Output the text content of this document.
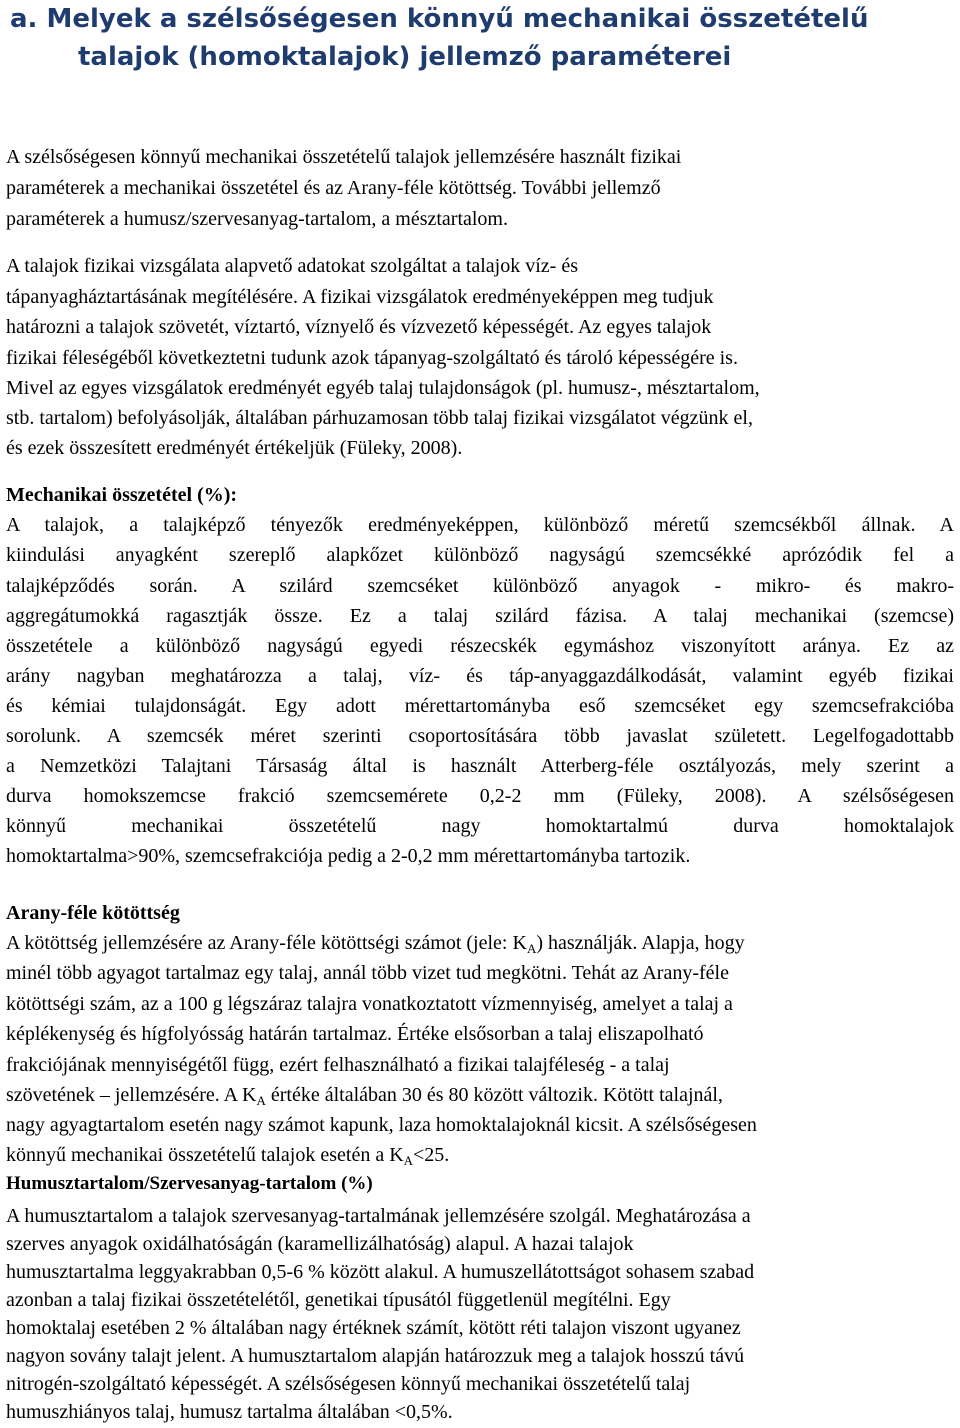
a. Melyek a szélsőségesen könnyű mechanikai összetételű
talajok (homoktalajok) jellemző paraméterei
A szélsőségesen könnyű mechanikai összetételű talajok jellemzésére használt fizikai
paraméterek a mechanikai összetétel és az Arany-féle kötöttség. További jellemző
paraméterek a humusz/szervesanyag-tartalom, a mésztartalom.
A talajok fizikai vizsgálata alapvető adatokat szolgáltat a talajok víz- és
tápanyagháztartásának megítélésére. A fizikai vizsgálatok eredményeképpen meg tudjuk
határozni a talajok szövetét, víztartó, víznyelő és vízvezető képességét. Az egyes talajok
fizikai féleségéből következtetni tudunk azok tápanyag-szolgáltató és tároló képességére is.
Mivel az egyes vizsgálatok eredményét egyéb talaj tulajdonságok (pl. humusz-, mésztartalom,
stb. tartalom) befolyásolják, általában párhuzamosan több talaj fizikai vizsgálatot végzünk el,
és ezek összesített eredményét értékeljük (Füleky, 2008).
Mechanikai összetétel (%):
A talajok, a talajképző tényezők eredményeképpen, különböző méretű szemcsékből állnak. A
kiindulási anyagként szereplő alapkőzet különböző nagyságú szemcsékké aprózódik fel a
talajképződés során. A szilárd szemcséket különböző anyagok - mikro- és makro-
aggregátumokká ragasztják össze. Ez a talaj szilárd fázisa. A talaj mechanikai (szemcse)
összetétele a különböző nagyságú egyedi részecskék egymáshoz viszonyított aránya. Ez az
arány nagyban meghatározza a talaj, víz- és táp-anyaggazdálkodását, valamint egyéb fizikai
és kémiai tulajdonságát. Egy adott mérettartományba eső szemcséket egy szemcsefrakcióba
sorolunk. A szemcsék méret szerinti csoportosítására több javaslat született. Legelfogadottabb
a Nemzetközi Talajtani Társaság által is használt Atterberg-féle osztályozás, mely szerint a
durva homokszemcse frakció szemcsemérete 0,2-2 mm (Füleky, 2008). A szélsőségesen
könnyű mechanikai összetételű nagy homoktartalmú durva homoktalajok
homoktartalma>90%, szemcsefrakciója pedig a 2-0,2 mm mérettartományba tartozik.
Arany-féle kötöttség
A kötöttség jellemzésére az Arany-féle kötöttségi számot (jele: $K_A$) használják. Alapja, hogy
minél több agyagot tartalmaz egy talaj, annál több vizet tud megkötni. Tehát az Arany-féle
kötöttségi szám, az a 100 g légszáraz talajra vonatkoztatott vízmennyiség, amelyet a talaj a
képlékenység és hígfolyósság határán tartalmaz. Értéke elsősorban a talaj eliszapolható
frakciójának mennyiségétől függ, ezért felhasználható a fizikai talajféleség - a talaj
szövetének – jellemzésére. A $K_A$ értéke általában 30 és 80 között változik. Kötött talajnál,
nagy agyagtartalom esetén nagy számot kapunk, laza homoktalajoknál kicsit. A szélsőségesen
könnyű mechanikai összetételű talajok esetén a $K_A<25$.
Humusztartalom/Szervesanyag-tartalom (%)
A humusztartalom a talajok szervesanyag-tartalmának jellemzésére szolgál. Meghatározása a
szerves anyagok oxidálhatóságán (karamellizálhatóság) alapul. A hazai talajok
humusztartalma leggyakrabban 0,5-6 % között alakul. A humuszellátottságot sohasem szabad
azonban a talaj fizikai összetételétől, genetikai típusától függetlenül megítélni. Egy
homoktalaj esetében 2 % általában nagy értéknek számít, kötött réti talajon viszont ugyanez
nagyon sovány talajt jelent. A humusztartalom alapján határozzuk meg a talajok hosszú távú
nitrogén-szolgáltató képességét. A szélsőségesen könnyű mechanikai összetételű talaj
humuszhiányos talaj, humusz tartalma általában <0,5%.
